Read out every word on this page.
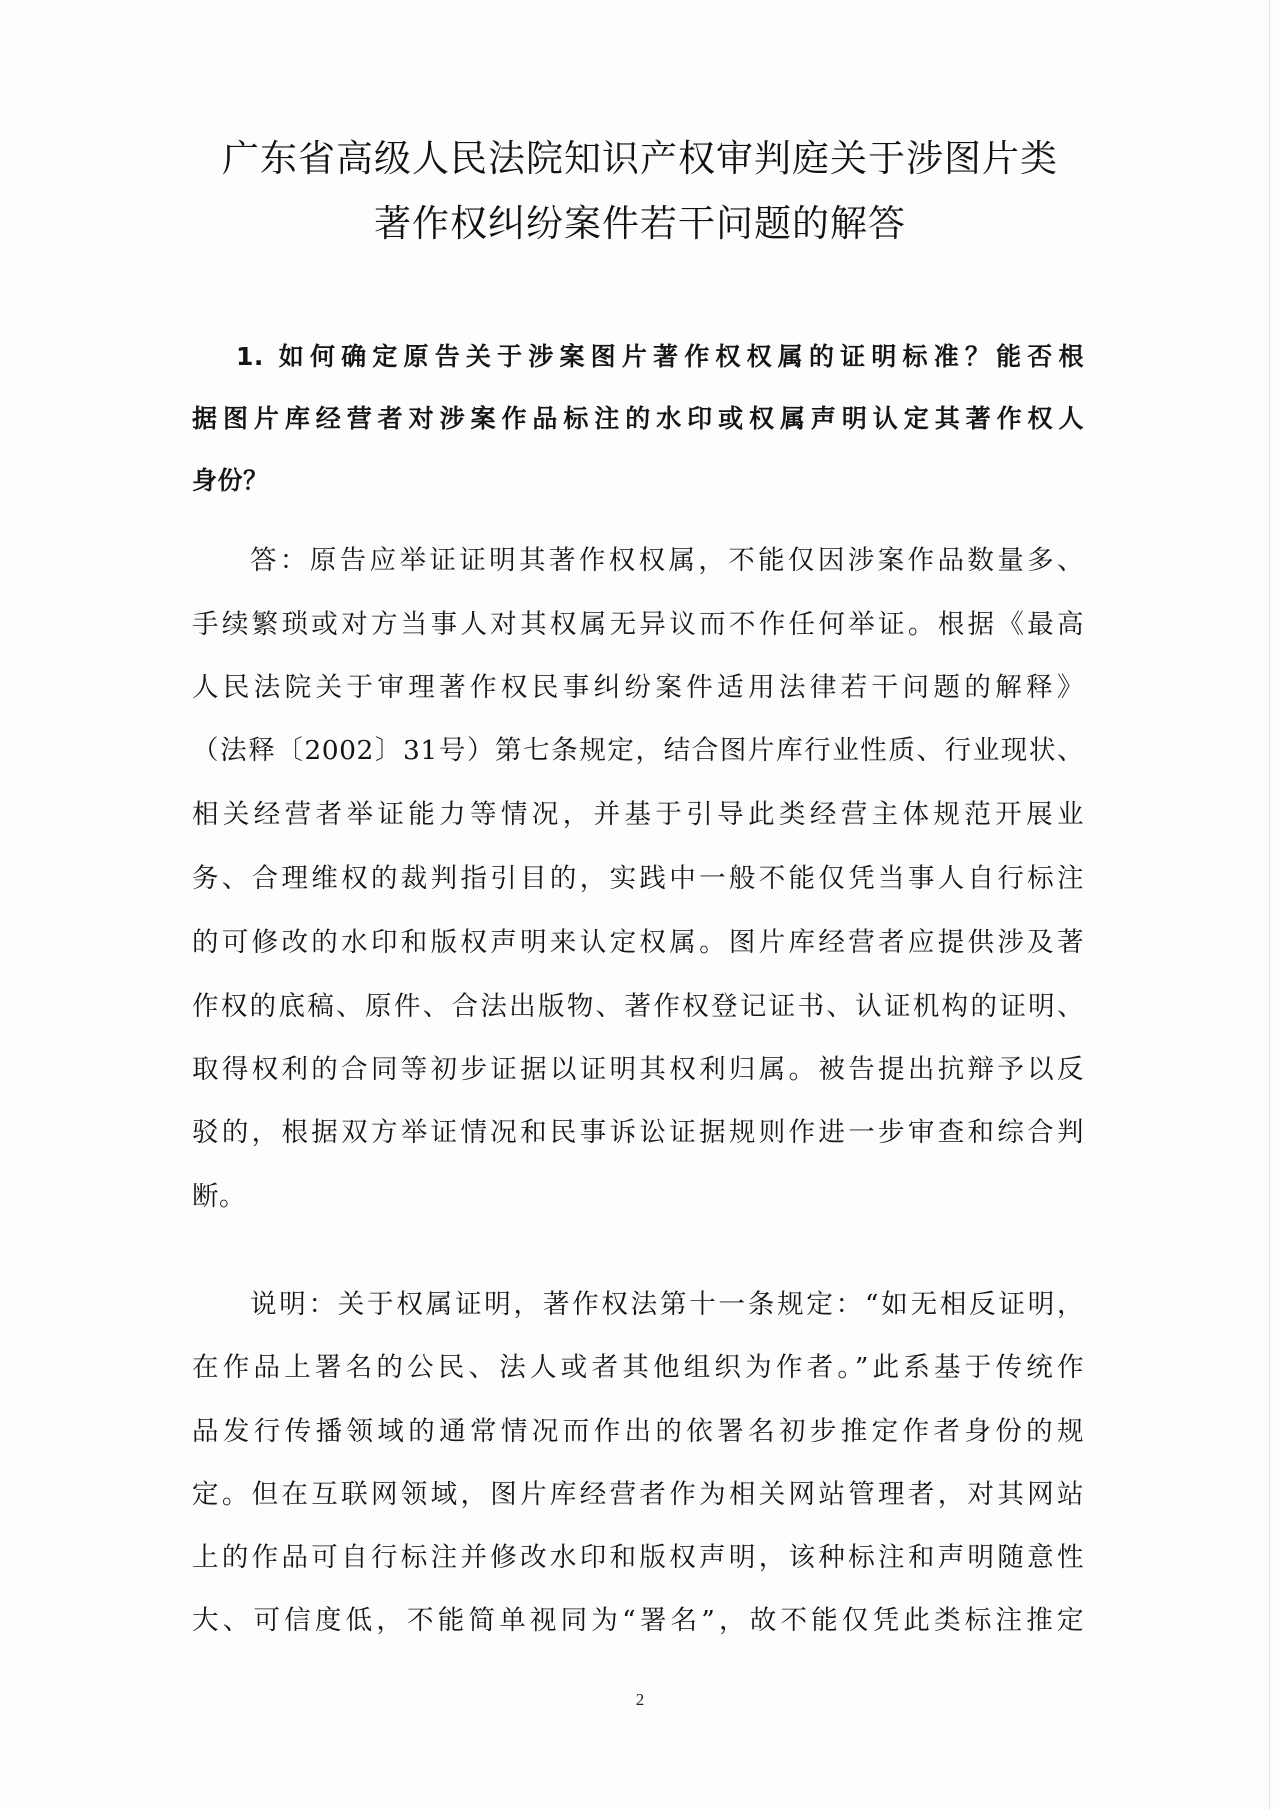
广东省高级人民法院知识产权审判庭关于涉图片类
著作权纠纷案件若干问题的解答
1. 如何确定原告关于涉案图片著作权权属的证明标准？能否根
据图片库经营者对涉案作品标注的水印或权属声明认定其著作权人
身份？
答：原告应举证证明其著作权权属，不能仅因涉案作品数量多、
手续繁琐或对方当事人对其权属无异议而不作任何举证。根据《最高
人民法院关于审理著作权民事纠纷案件适用法律若干问题的解释》
（法释〔2002〕31号）第七条规定，结合图片库行业性质、行业现状、
相关经营者举证能力等情况，并基于引导此类经营主体规范开展业
务、合理维权的裁判指引目的，实践中一般不能仅凭当事人自行标注
的可修改的水印和版权声明来认定权属。图片库经营者应提供涉及著
作权的底稿、原件、合法出版物、著作权登记证书、认证机构的证明、
取得权利的合同等初步证据以证明其权利归属。被告提出抗辩予以反
驳的，根据双方举证情况和民事诉讼证据规则作进一步审查和综合判
断。
说明：关于权属证明，著作权法第十一条规定：“如无相反证明，
在作品上署名的公民、法人或者其他组织为作者。”此系基于传统作
品发行传播领域的通常情况而作出的依署名初步推定作者身份的规
定。但在互联网领域，图片库经营者作为相关网站管理者，对其网站
上的作品可自行标注并修改水印和版权声明，该种标注和声明随意性
大、可信度低，不能简单视同为“署名”，故不能仅凭此类标注推定
2
